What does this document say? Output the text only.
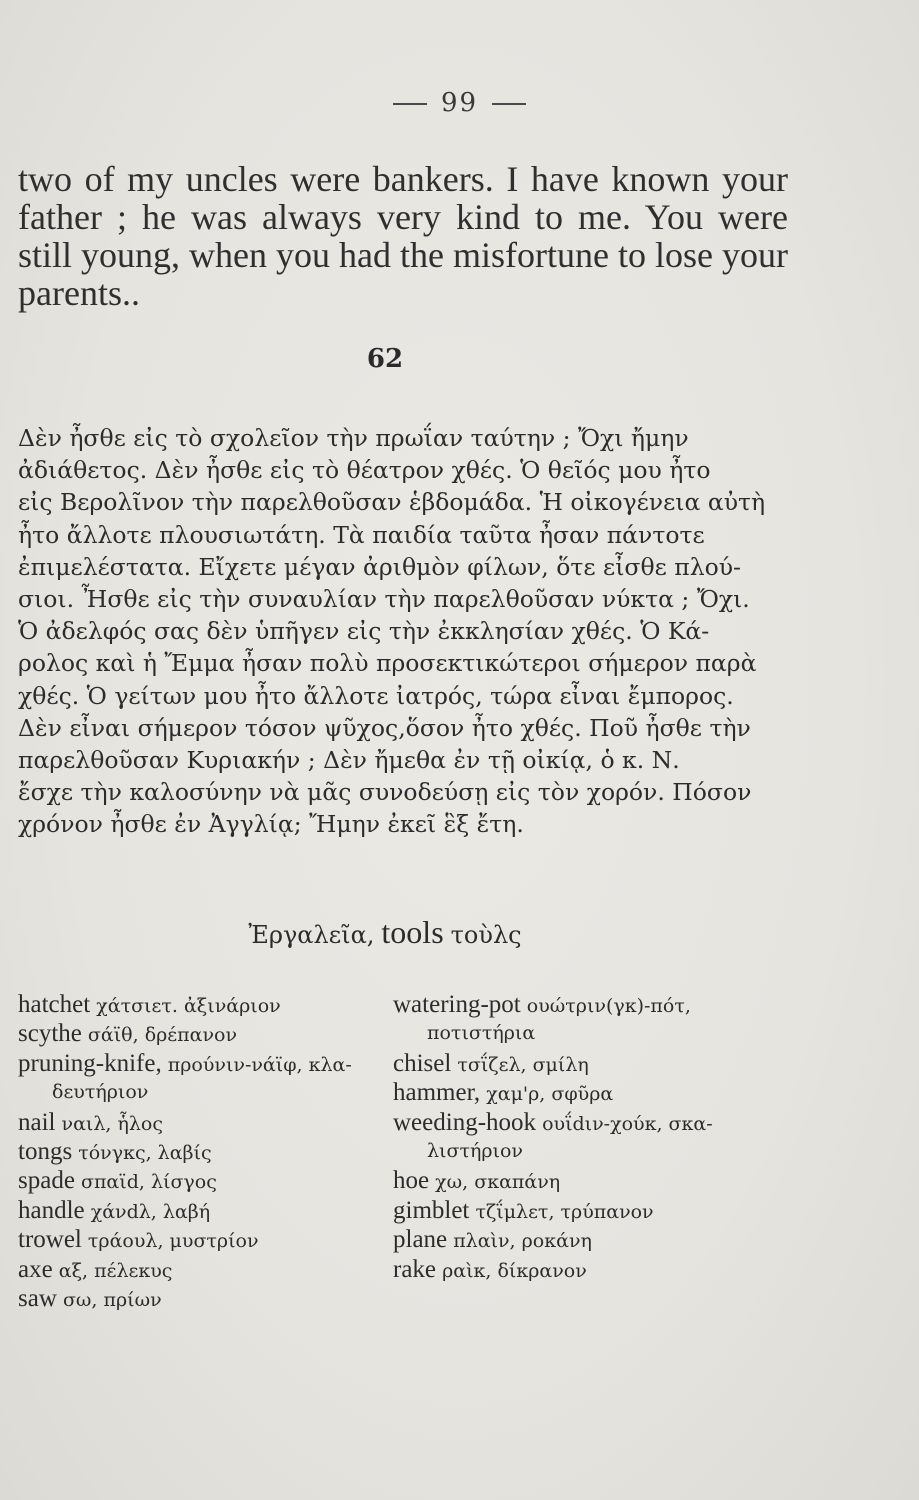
99
two of my uncles were bankers. I have known your father ; he was always very kind to me. You were still young, when you had the misfortune to lose your parents..
62
Δὲν ἦσθε εἰς τὸ σχολεῖον τὴν πρωΐαν ταύτην ; Ὄχι ἤμην
ἀδιάθετος. Δὲν ἦσθε εἰς τὸ θέατρον χθές. Ὁ θεῖός μου ἦτο
εἰς Βερολῖνον τὴν παρελθοῦσαν ἑβδομάδα. Ἡ οἰκογένεια αὐτὴ
ἦτο ἄλλοτε πλουσιωτάτη. Τὰ παιδία ταῦτα ἦσαν πάντοτε
ἐπιμελέστατα. Εἴχετε μέγαν ἀριθμὸν φίλων, ὅτε εἶσθε πλού-
σιοι. Ἦσθε εἰς τὴν συναυλίαν τὴν παρελθοῦσαν νύκτα ; Ὄχι.
Ὁ ἀδελφός σας δὲν ὑπῆγεν εἰς τὴν ἐκκλησίαν χθές. Ὁ Κά-
ρολος καὶ ἡ Ἔμμα ἦσαν πολὺ προσεκτικώτεροι σήμερον παρὰ
χθές. Ὁ γείτων μου ἦτο ἄλλοτε ἰατρός, τώρα εἶναι ἔμπορος.
Δὲν εἶναι σήμερον τόσον ψῦχος,ὅσον ἦτο χθές. Ποῦ ἦσθε τὴν
παρελθοῦσαν Κυριακήν ; Δὲν ἤμεθα ἐν τῇ οἰκίᾳ, ὁ κ. Ν.
ἔσχε τὴν καλοσύνην νὰ μᾶς συνοδεύσῃ εἰς τὸν χορόν. Πόσον
χρόνον ἦσθε ἐν Ἀγγλίᾳ; Ἤμην ἐκεῖ ἓξ ἔτη.
Ἐργαλεῖα, tools τοὺλς
hatchet χάτσιετ. ἀξινάριον
scythe σάϊθ, δρέπανον
pruning-knife, προύνιν-νάϊφ, κλα-
δευτήριον
nail ναιλ, ἧλος
tongs τόνγκς, λαβίς
spade σπαϊd, λίσγος
handle χάνdλ, λαβή
trowel τράουλ, μυστρίον
axe αξ, πέλεκυς
saw σω, πρίων
watering-pot ουώτριν(γκ)-πότ,
ποτιστήρια
chisel τσΐζελ, σμίλη
hammer, χαμ'ρ, σφῦρα
weeding-hook ουΐdιν-χούκ, σκα-
λιστήριον
hoe χω, σκαπάνη
gimblet τζΐμλετ, τρύπανον
plane πλαὶν, ροκάνη
rake ραὶκ, δίκρανον
